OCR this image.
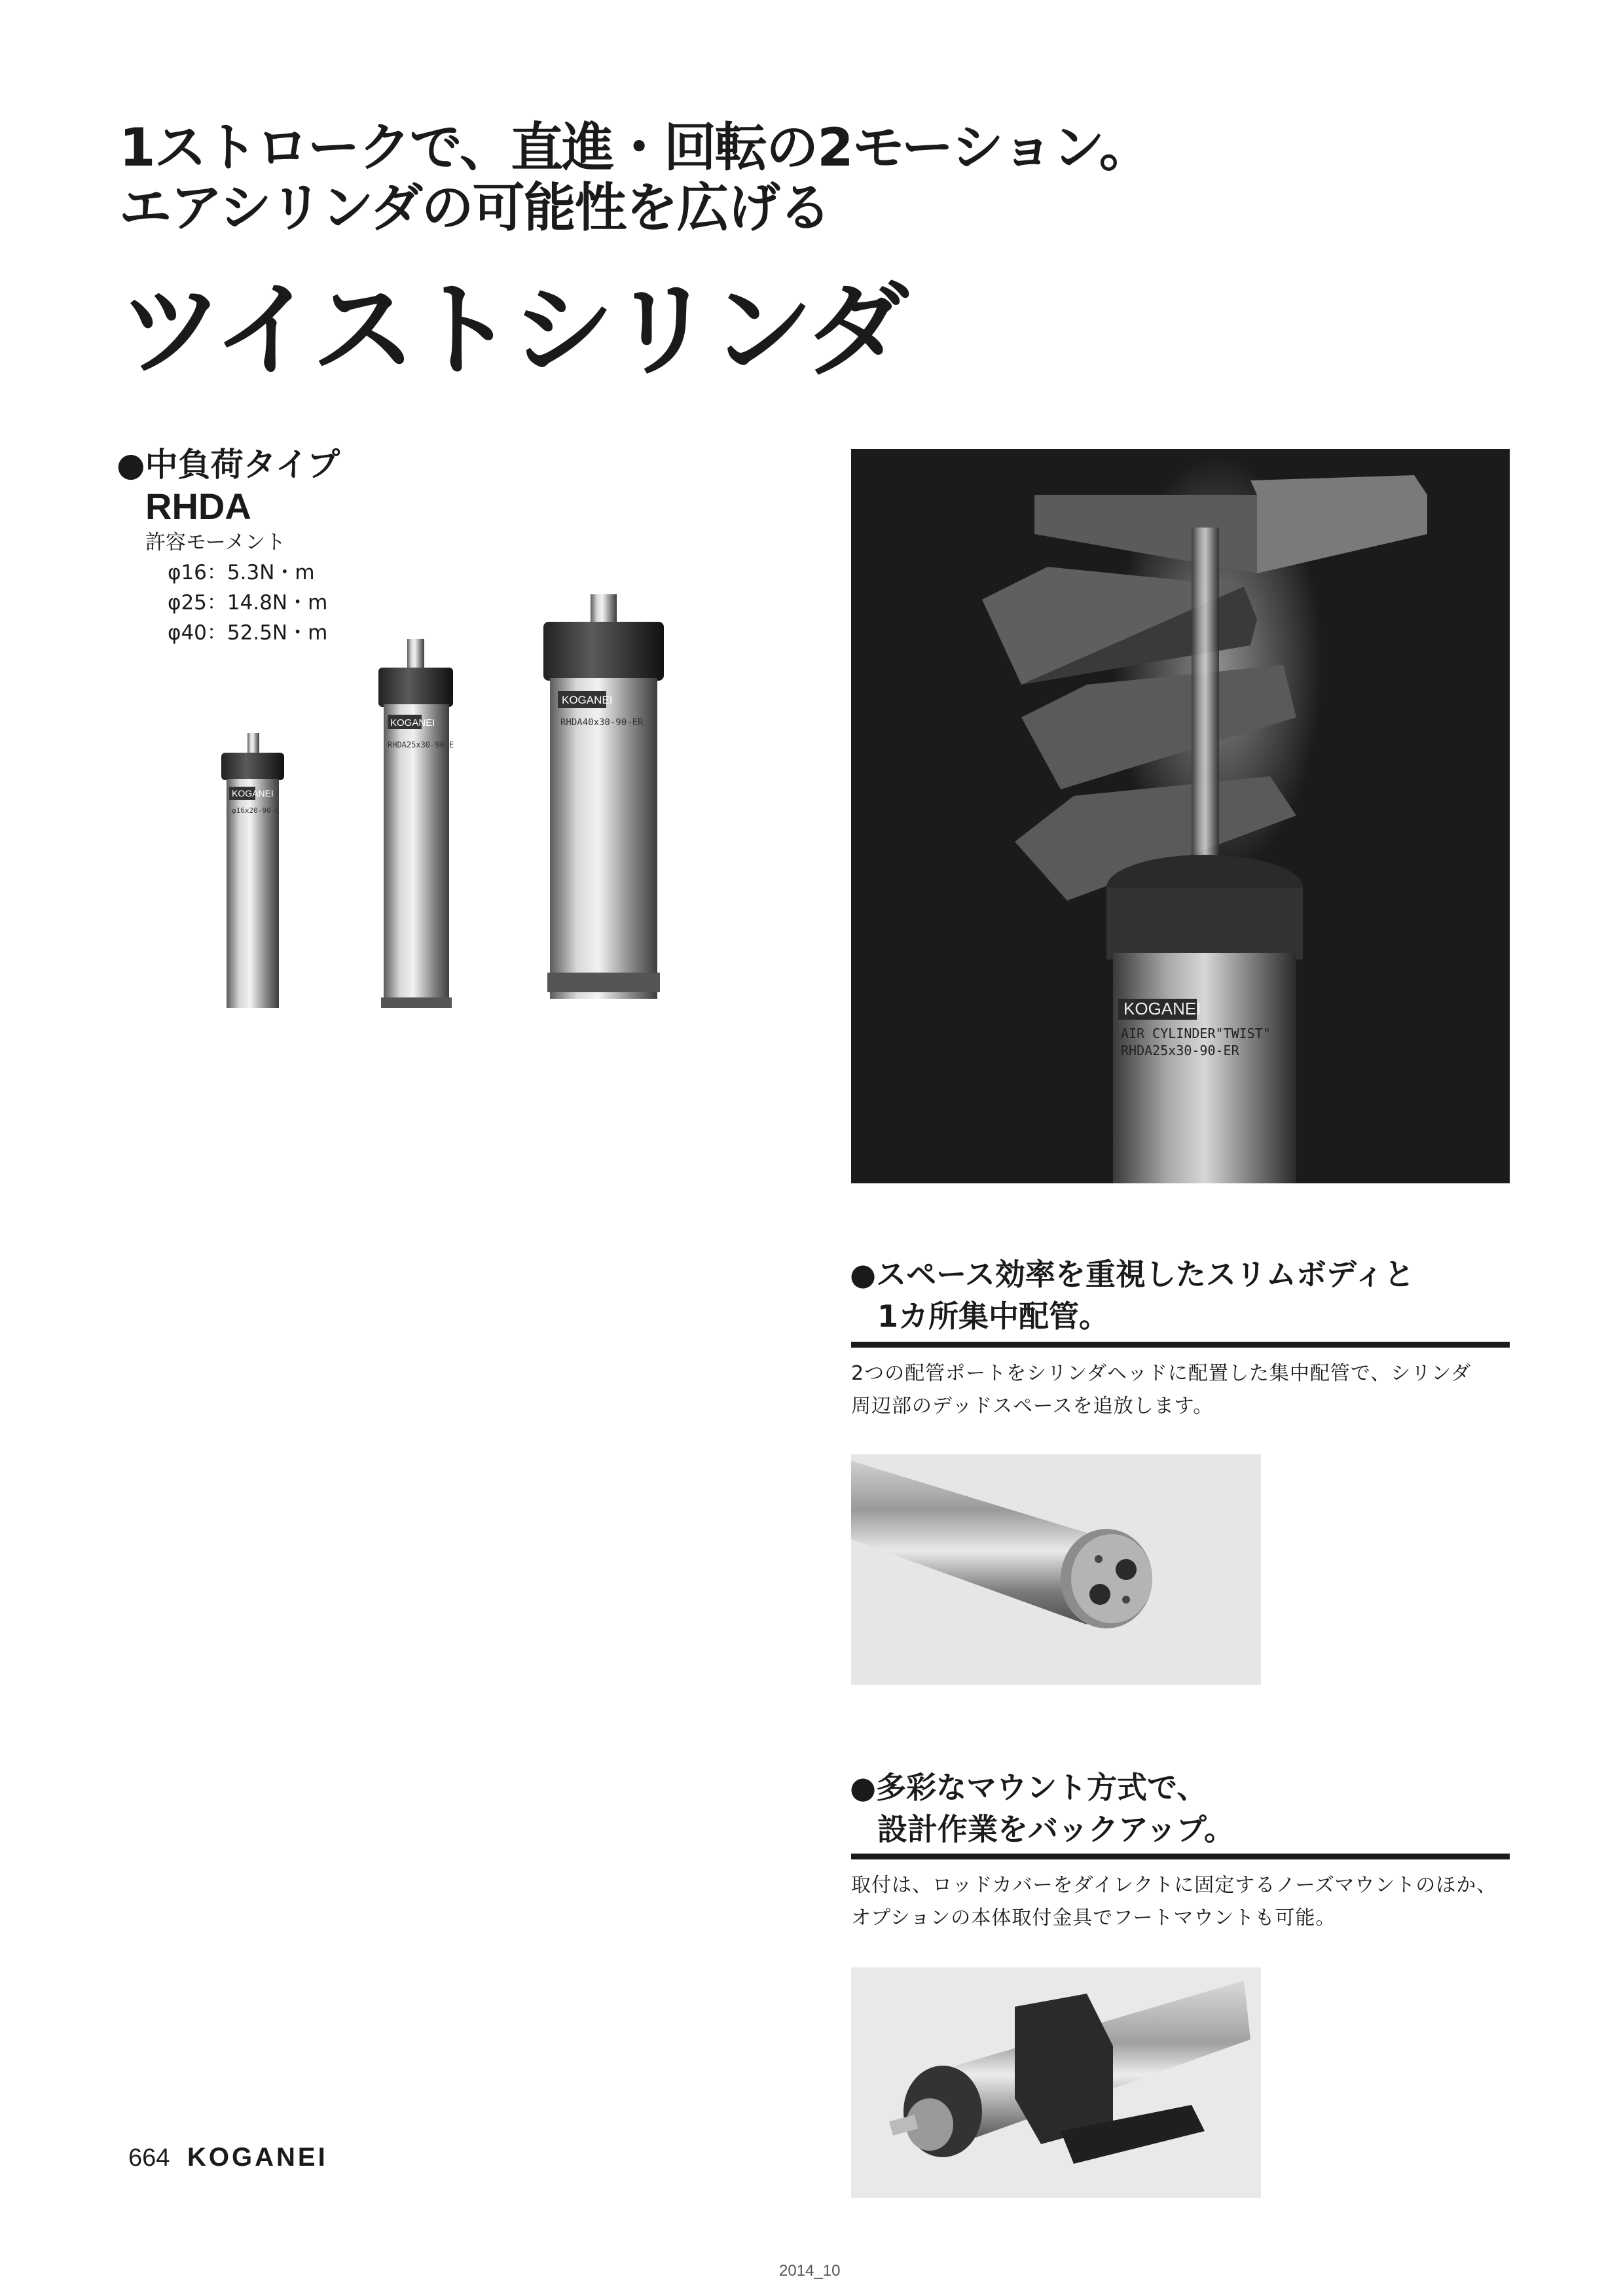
1ストロークで、直進・回転の2モーション。
エアシリンダの可能性を広げる
ツイストシリンダ
●中負荷タイプ
RHDA
許容モーメント
φ16：5.3N・m
φ25：14.8N・m
φ40：52.5N・m
KOGANEI
φ16x20-90-E
KOGANEI
RHDA25x30-90-E
KOGANEI
RHDA40x30-90-ER
KOGANEI
AIR CYLINDER"TWIST"
RHDA25x30-90-ER
●スペース効率を重視したスリムボディと
1カ所集中配管。
2つの配管ポートをシリンダヘッドに配置した集中配管で、シリンダ
周辺部のデッドスペースを追放します。
●多彩なマウント方式で、
設計作業をバックアップ。
取付は、ロッドカバーをダイレクトに固定するノーズマウントのほか、
オプションの本体取付金具でフートマウントも可能。
664 KOGANEI
2014_10
